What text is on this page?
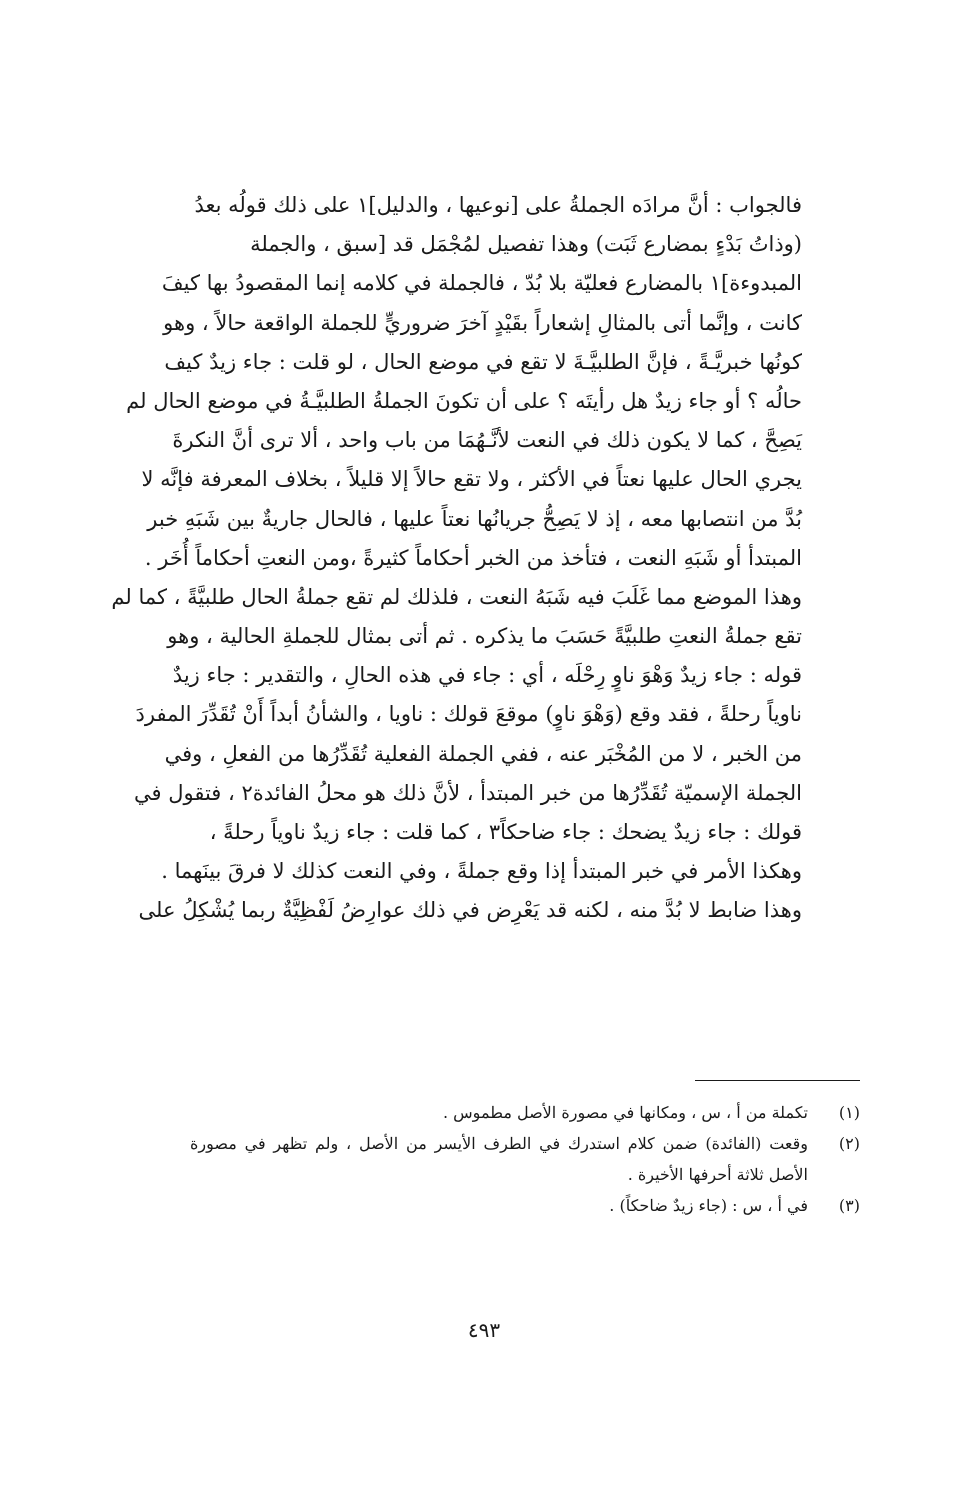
فالجواب : أنَّ مرادَه الجملةُ على [نوعيها ، والدليل]١ على ذلك قولُه بعدُ
(وذاتُ بَدْءٍ بمضارع ثَبَت) وهذا تفصيل لمُجْمَل قد [سبق ، والجملة
المبدوءة]١ بالمضارع فعليّة بلا بُدّ ، فالجملة في كلامه إنما المقصودُ بها كيفَ
كانت ، وإنَّما أتى بالمثالِ إشعاراً بقَيْدٍ آخرَ ضروريٍّ للجملة الواقعة حالاً ، وهو
كونُها خبريَّـةً ، فإنَّ الطلبيَّـةَ لا تقع في موضع الحال ، لو قلت : جاء زيدٌ كيف
حالُه ؟ أو جاء زيدٌ هل رأيتَه ؟ على أن تكونَ الجملةُ الطلبيَّـةُ في موضع الحال لم
يَصِحَّ ، كما لا يكون ذلك في النعت لأنَّـهُمَا من باب واحد ، ألا ترى أنَّ النكرةَ
يجري الحال عليها نعتاً في الأكثر ، ولا تقع حالاً إلا قليلاً ، بخلاف المعرفة فإنَّه لا
بُدَّ من انتصابها معه ، إذ لا يَصِحُّ جريانُها نعتاً عليها ، فالحال جاريةٌ بين شَبَهِ خبر
المبتدأ أو شَبَهِ النعت ، فتأخذ من الخبر أحكاماً كثيرةً ،ومن النعتِ أحكاماً أُخَر .
وهذا الموضع مما غَلَبَ فيه شَبَهُ النعت ، فلذلك لم تقع جملةُ الحال طلبيَّةً ، كما لم
تقع جملةُ النعتِ طلبيَّةً حَسَبَ ما يذكره . ثم أتى بمثال للجملةِ الحالية ، وهو
قوله : جاء زيدٌ وَهْوَ ناوٍ رِحْلَه ، أي : جاء في هذه الحالِ ، والتقدير : جاء زيدٌ
ناوياً رحلةً ، فقد وقع (وَهْوَ ناوٍ) موقعَ قولك : ناويا ، والشأنُ أبداً أَنْ تُقَدِّرَ المفردَ
من الخبر ، لا من المُخْبَر عنه ، ففي الجملة الفعلية تُقَدِّرُها من الفعلِ ، وفي
الجملة الإسميّة تُقَدِّرُها من خبر المبتدأ ، لأنَّ ذلك هو محلُ الفائدة٢ ، فتقول في
قولك : جاء زيدٌ يضحك : جاء ضاحكاً٣ ، كما قلت : جاء زيدٌ ناوياً رحلةً ،
وهكذا الأمر في خبر المبتدأ إذا وقع جملةً ، وفي النعت كذلك لا فرقَ بينَهما .
وهذا ضابط لا بُدَّ منه ، لكنه قد يَعْرِض في ذلك عوارِضُ لَفْظِيَّةٌ ربما يُشْكِلُ على
(١)
تكملة من أ ، س ، ومكانها في مصورة الأصل مطموس .
(٢)
وقعت (الفائدة) ضمن كلام استدرك في الطرف الأيسر من الأصل ، ولم تظهر في مصورة الأصل ثلاثة أحرفها الأخيرة .
(٣)
في أ ، س : (جاء زيدٌ ضاحكاً) .
٤٩٣
